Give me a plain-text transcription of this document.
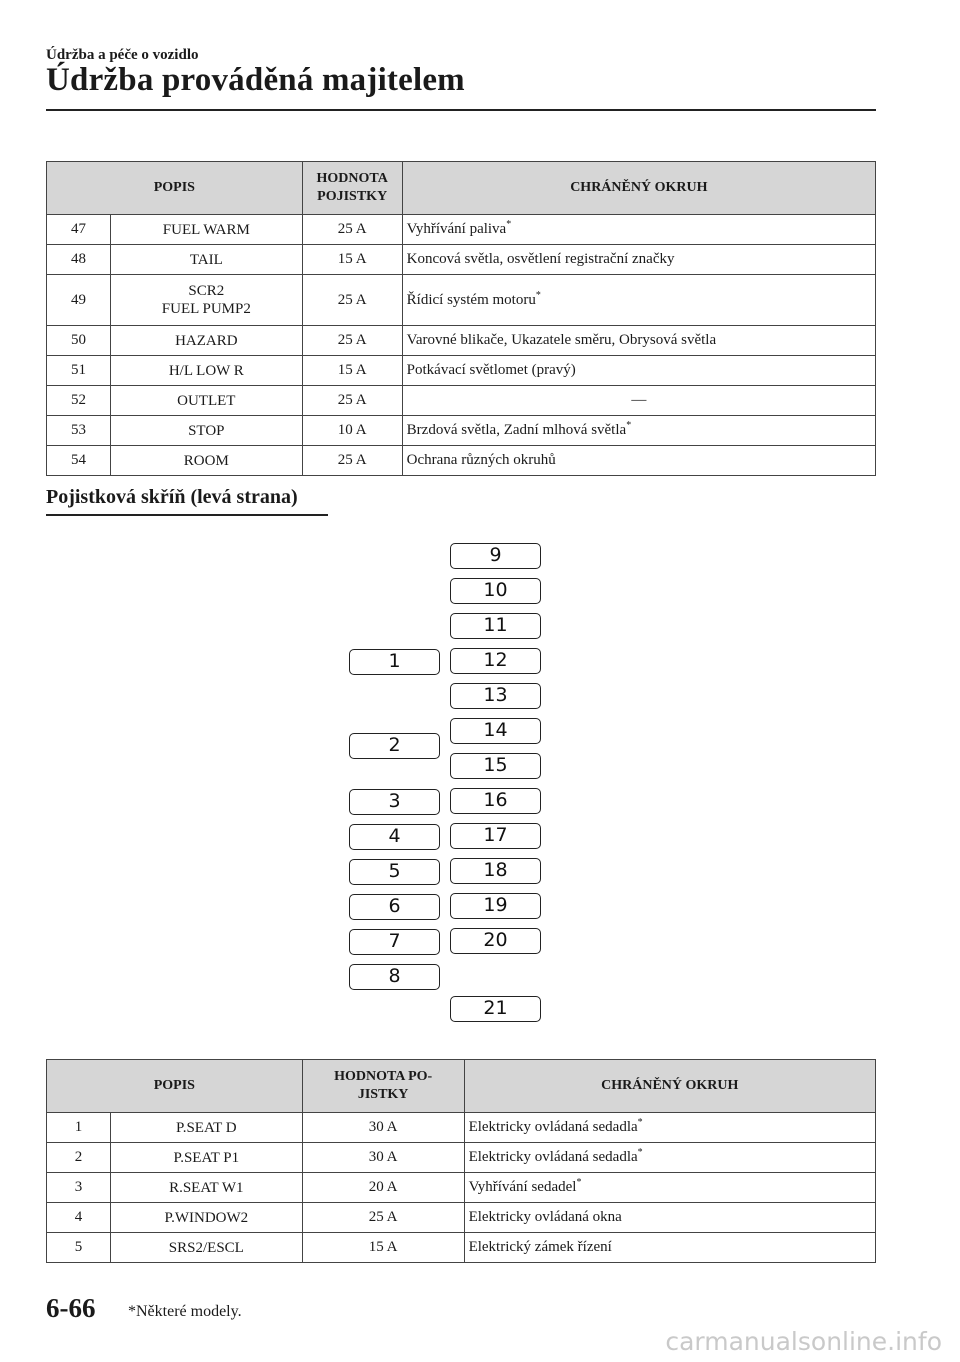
Údržba a péče o vozidlo
Údržba prováděná majitelem
POPIS		HODNOTA
POJISTKY	CHRÁNĚNÝ OKRUH
47	FUEL WARM	25 A	Vyhřívání paliva*
48	TAIL	15 A	Koncová světla, osvětlení registrační značky
49	SCR2
FUEL PUMP2	25 A	Řídicí systém motoru*
50	HAZARD	25 A	Varovné blikače, Ukazatele směru, Obrysová světla
51	H/L LOW R	15 A	Potkávací světlomet (pravý)
52	OUTLET	25 A	—
53	STOP	10 A	Brzdová světla, Zadní mlhová světla*
54	ROOM	25 A	Ochrana různých okruhů
Pojistková skříň (levá strana)
1
2
3
4
5
6
7
8
9
10
11
12
13
14
15
16
17
18
19
20
21
POPIS		HODNOTA PO-
JISTKY	CHRÁNĚNÝ OKRUH
1	P.SEAT D	30 A	Elektricky ovládaná sedadla*
2	P.SEAT P1	30 A	Elektricky ovládaná sedadla*
3	R.SEAT W1	20 A	Vyhřívání sedadel*
4	P.WINDOW2	25 A	Elektricky ovládaná okna
5	SRS2/ESCL	15 A	Elektrický zámek řízení
6-66 *Některé modely.
carmanualsonline.info
